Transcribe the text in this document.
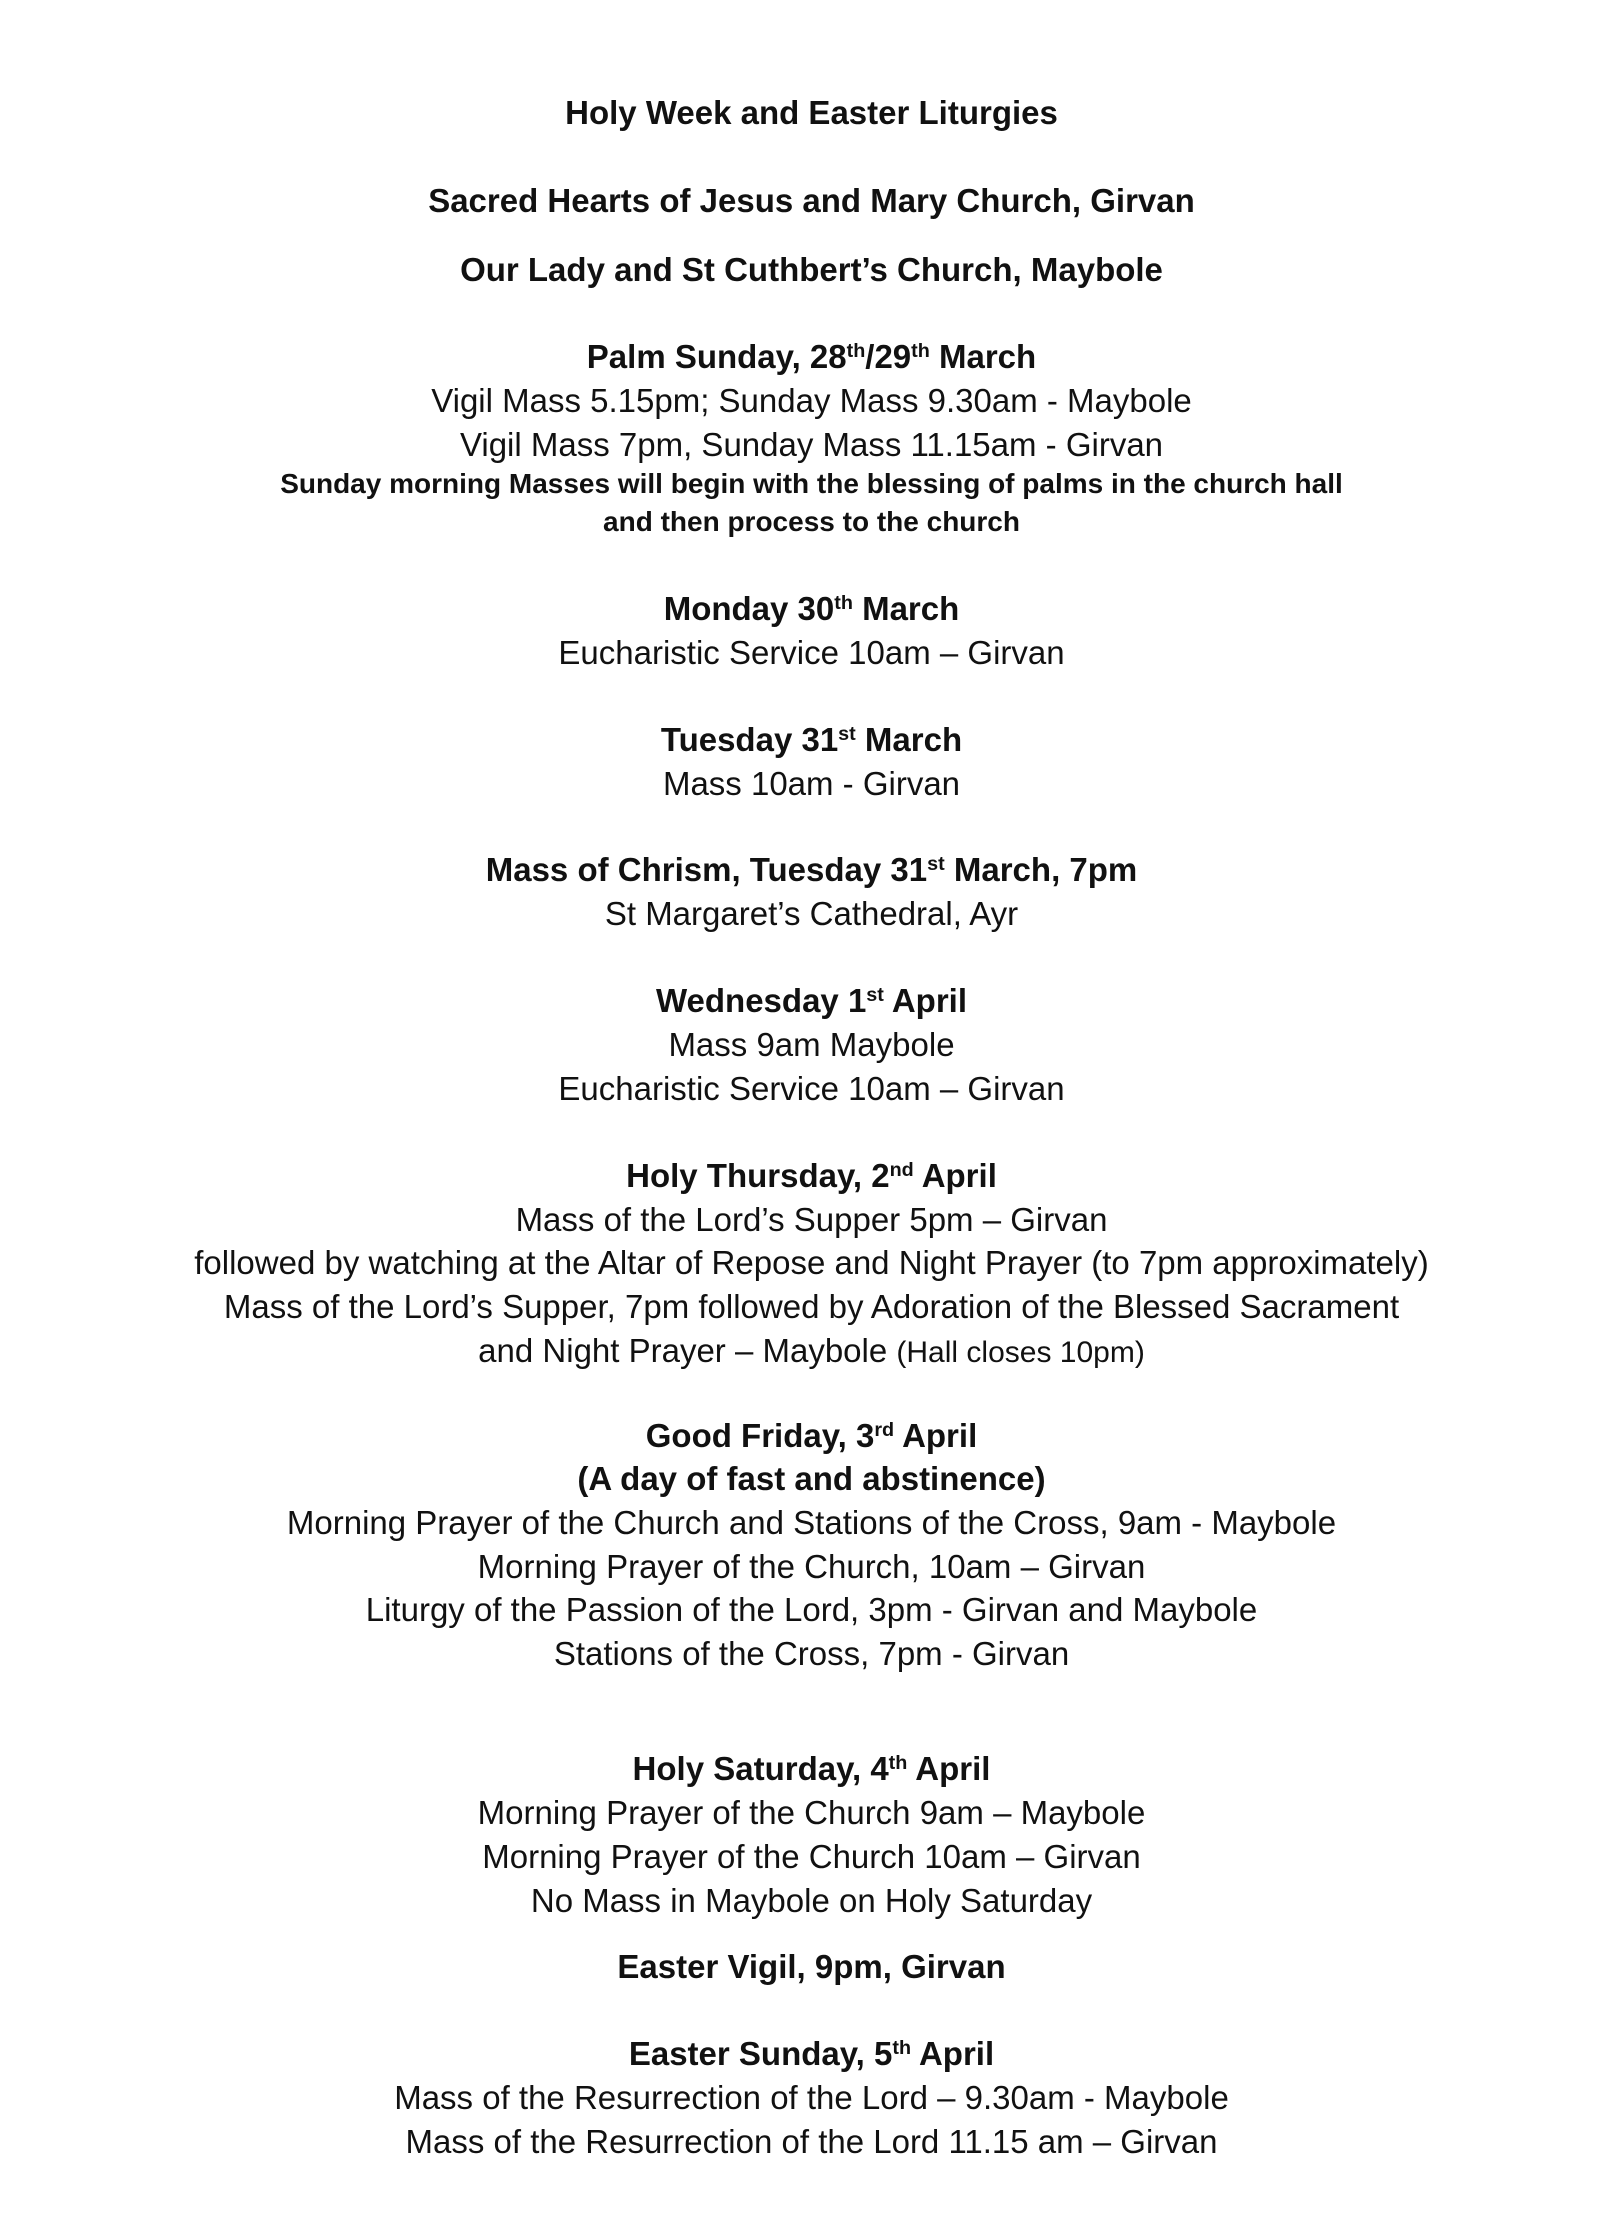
Holy Week and Easter Liturgies
Sacred Hearts of Jesus and Mary Church, Girvan
Our Lady and St Cuthbert’s Church, Maybole
Palm Sunday, 28th/29th March
Vigil Mass 5.15pm; Sunday Mass 9.30am - Maybole
Vigil Mass 7pm, Sunday Mass 11.15am - Girvan
Sunday morning Masses will begin with the blessing of palms in the church hall
and then process to the church
Monday 30th March
Eucharistic Service 10am – Girvan
Tuesday 31st March
Mass 10am - Girvan
Mass of Chrism, Tuesday 31st March, 7pm
St Margaret’s Cathedral, Ayr
Wednesday 1st April
Mass 9am Maybole
Eucharistic Service 10am – Girvan
Holy Thursday, 2nd April
Mass of the Lord’s Supper 5pm – Girvan
followed by watching at the Altar of Repose and Night Prayer (to 7pm approximately)
Mass of the Lord’s Supper, 7pm followed by Adoration of the Blessed Sacrament
and Night Prayer – Maybole (Hall closes 10pm)
Good Friday, 3rd April
(A day of fast and abstinence)
Morning Prayer of the Church and Stations of the Cross, 9am - Maybole
Morning Prayer of the Church, 10am – Girvan
Liturgy of the Passion of the Lord, 3pm - Girvan and Maybole
Stations of the Cross, 7pm - Girvan
Holy Saturday, 4th April
Morning Prayer of the Church 9am – Maybole
Morning Prayer of the Church 10am – Girvan
No Mass in Maybole on Holy Saturday
Easter Vigil, 9pm, Girvan
Easter Sunday, 5th April
Mass of the Resurrection of the Lord – 9.30am - Maybole
Mass of the Resurrection of the Lord 11.15 am – Girvan
